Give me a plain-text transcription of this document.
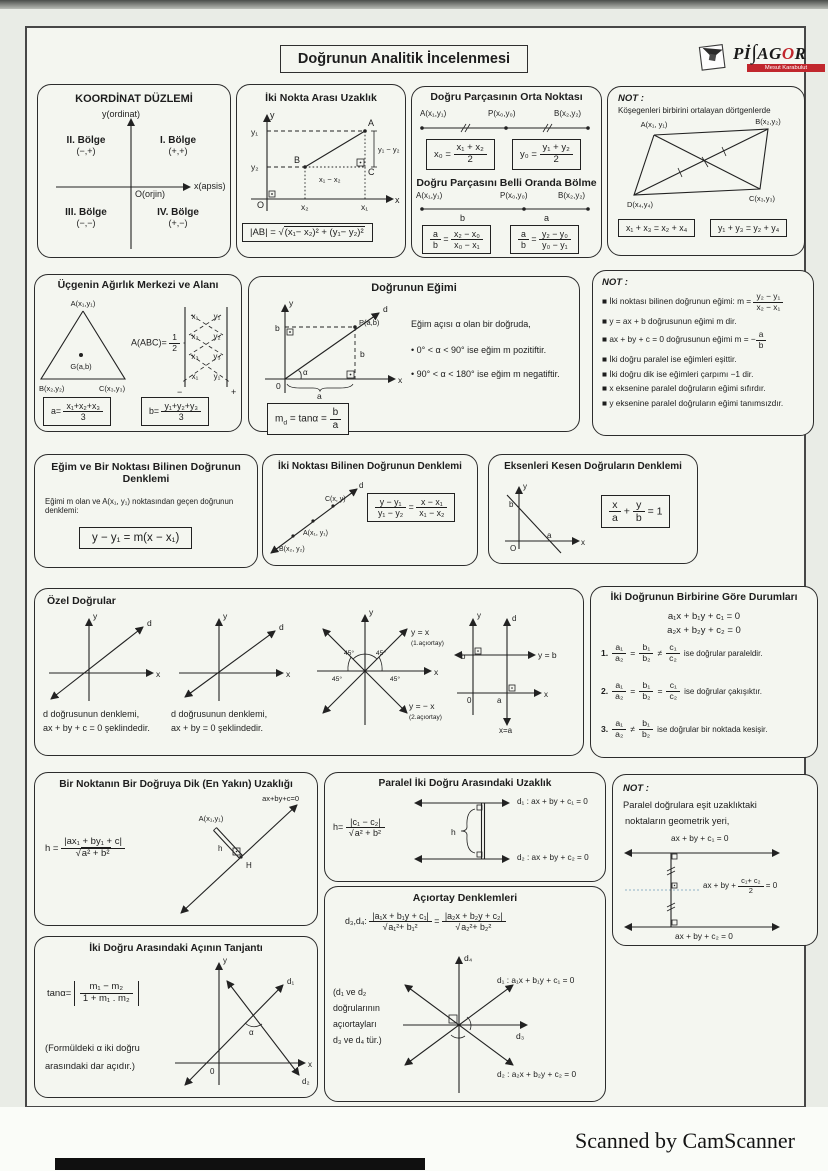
Doğrunun Analitik İncelenmesi	Pİ∫AGOR
Mesut Karabulut
KOORDİNAT DÜZLEMİ
y(ordinat)
x(apsis)
O(orjin)
II. Bölge
(−,+)
I. Bölge
(+,+)
III. Bölge
(−,−)
IV. Bölge
(+,−)
İki Nokta Arası Uzaklık
y₁
y₂
x₂	x₁
A
B
C
O	x
y
y₁ − y₂
x₁ − x₂
|AB| = √(x₁− x₂)² + (y₁− y₂)²
Doğru Parçasının Orta Noktası
A(x₁,y₁)	P(x₀,y₀)	B(x₂,y₂)
$x_0 = \frac{\text{x₁ + x₂}}{2}$	$y_0 = \frac{\text{y₁ + y₂}}{2}$
Doğru Parçasını Belli Oranda Bölme
A(x₁,y₁)	P(x₀,y₀)	B(x₂,y₂)
b	a
$\frac{a}{b} = \frac{\text{x₂ − x₀}}{\text{x₀ − x₁}}$	$\frac{a}{b} = \frac{\text{y₂ − y₀}}{\text{y₀ − y₁}}$
NOT :
Köşegenleri birbirini ortalayan dörtgenlerde
A(x₁, y₁)	B(x₂,y₂)
C(x₃,y₃)
D(x₄,y₄)
x₁ + x₃ = x₂ + x₄	y₁ + y₃ = y₂ + y₄
Üçgenin Ağırlık Merkezi ve Alanı
A(x₁,y₁)
B(x₂,y₂)	C(x₃,y₃)
G(a,b)
$A(ABC)= \frac{1}{2}$ ·
x₁ y₁
x₂ y₂
x₃ y₃
x₁ y₁
−	+
$a= \frac{\text{x₁+x₂+x₃}}{3}$	$b= \frac{\text{y₁+y₂+y₃}}{3}$
Doğrunun Eğimi
d
P(a,b)
b
b
α
a
0
x
y
$m_d = \tan\alpha = \frac{b}{a}$
Eğim açısı α olan bir doğruda,
• 0° < α < 90° ise eğim m pozitiftir.
• 90° < α < 180° ise eğim m negatiftir.
NOT :
■ İki noktası bilinen doğrunun eğimi: $m = \frac{\text{y₂ − y₁}}{\text{x₂ − x₁}}$
■ y = ax + b doğrusunun eğimi m dir.
■ ax + by + c = 0 doğrusunun eğimi m = − $\frac{a}{b}$
■ İki doğru paralel ise eğimleri eşittir.
■ İki doğru dik ise eğimleri çarpımı −1 dir.
■ x eksenine paralel doğruların eğimi sıfırdır.
■ y eksenine paralel doğruların eğimi tanımsızdır.
Eğim ve Bir Noktası Bilinen Doğrunun Denklemi
Eğimi m olan ve A(x₁, y₁) noktasından geçen doğrunun denklemi:
y − y₁ = m(x − x₁)
İki Noktası Bilinen Doğrunun Denklemi
B(x₂, y₂)
A(x₁, y₁)
C(x, y)
d
$\frac{\text{y − y₁}}{\text{y₁ − y₂}} = \frac{\text{x − x₁}}{\text{x₁ − x₂}}$
Eksenleri Kesen Doğruların Denklemi
b
a
O
x
y
$\frac{x}{a} + \frac{y}{b} = 1$
Özel Doğrular
d
x
y
d doğrusunun denklemi,
ax + by + c = 0 şeklindedir.
d
x
y
d doğrusunun denklemi,
ax + by = 0 şeklindedir.
45°	45°
45°	45°
y = x
(1.açıortay)
y = − x
(2.açıortay)
x
y
b	y = b
0	a
x
y	d
x=a
İki Doğrunun Birbirine Göre Durumları
a₁x + b₁y + c₁ = 0
a₂x + b₂y + c₂ = 0
1. $\frac{\text{a₁}}{\text{a₂}} = \frac{\text{b₁}}{\text{b₂}} \ne \frac{\text{c₁}}{\text{c₂}}$ ise doğrular paraleldir.
2. $\frac{\text{a₁}}{\text{a₂}} = \frac{\text{b₁}}{\text{b₂}} = \frac{\text{c₁}}{\text{c₂}}$ ise doğrular çakışıktır.
3. $\frac{\text{a₁}}{\text{a₂}} \ne \frac{\text{b₁}}{\text{b₂}}$ ise doğrular bir noktada kesişir.
Bir Noktanın Bir Doğruya Dik (En Yakın) Uzaklığı
$h = \frac{\text{|ax₁ + by₁ + c|}}{\text{√a² + b²}}$
ax+by+c=0
A(x₁,y₁)
h
H
Paralel İki Doğru Arasındaki Uzaklık
$h= \frac{\text{|c₁ − c₂|}}{\text{√a² + b²}}$	h
d₁ : ax + by + c₁ = 0
d₂ : ax + by + c₂ = 0
NOT :
Paralel doğrulara eşit uzaklıktaki
noktaların geometrik yeri,
ax + by + c₁ = 0
ax + by + $\frac{\text{c₁+ c₂}}{2} = 0$
ax + by + c₂ = 0
İki Doğru Arasındaki Açının Tanjantı
$\tan\alpha= \frac{\text{m₁ − m₂}}{\text{1 + m₁ . m₂}}$
(Formüldeki α iki doğru
arasındaki dar açıdır.)
d₁
d₂
α
0
x
y
Açıortay Denklemleri
d₃,d₄: $\frac{\text{|a₁x + b₁y + c₁|}}{\text{√a₁²+ b₁²}} = \frac{\text{|a₂x + b₂y + c₂|}}{\text{√a₂²+ b₂²}}$
(d₁ ve d₂
doğrularının
açıortayları
d₃ ve d₄ tür.)
d₄
d₃
d₁ : a₁x + b₁y + c₁ = 0
d₂ : a₂x + b₂y + c₂ = 0
Scanned by CamScanner
